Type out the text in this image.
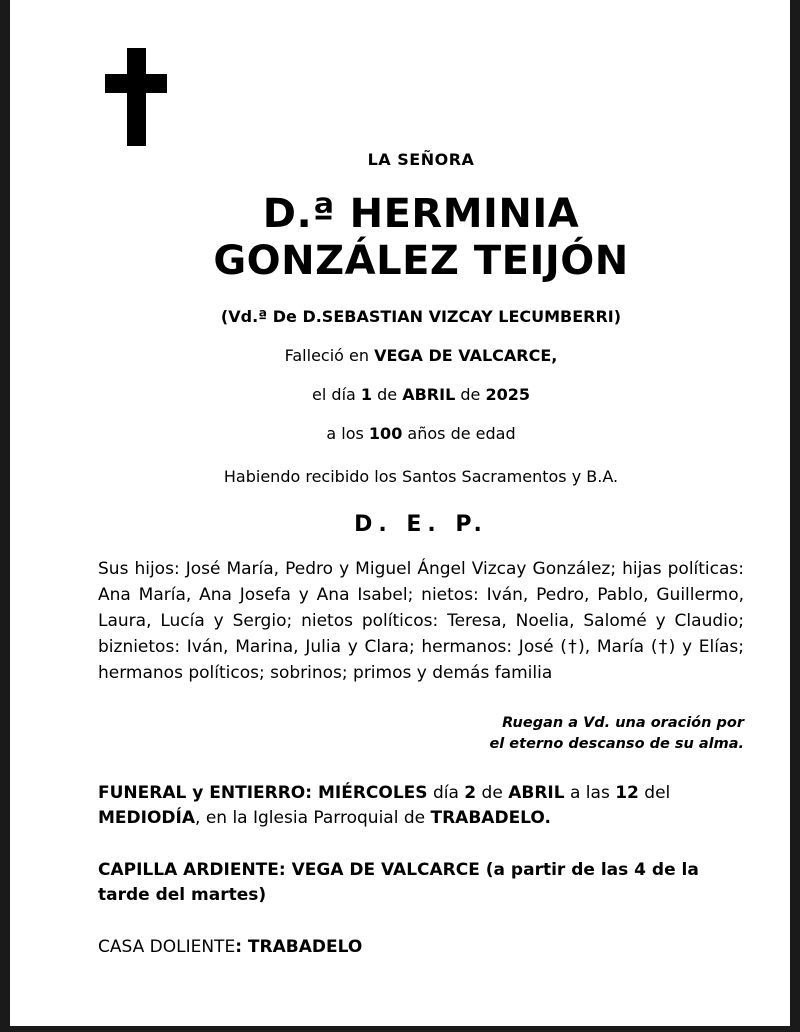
LA SEÑORA
D.ª HERMINIA
GONZÁLEZ TEIJÓN
(Vd.ª De D.SEBASTIAN VIZCAY LECUMBERRI)
Falleció en VEGA DE VALCARCE,
el día 1 de ABRIL de 2025
a los 100 años de edad
Habiendo recibido los Santos Sacramentos y B.A.
D. E. P.
Sus hijos: José María, Pedro y Miguel Ángel Vizcay González; hijas políticas: Ana María, Ana Josefa y Ana Isabel; nietos: Iván, Pedro, Pablo, Guillermo, Laura, Lucía y Sergio; nietos políticos: Teresa, Noelia, Salomé y Claudio; biznietos: Iván, Marina, Julia y Clara; hermanos: José (†), María (†) y Elías; hermanos políticos; sobrinos; primos y demás familia
Ruegan a Vd. una oración por
el eterno descanso de su alma.
FUNERAL y ENTIERRO: MIÉRCOLES día 2 de ABRIL a las 12 del MEDIODÍA, en la Iglesia Parroquial de TRABADELO.
CAPILLA ARDIENTE: VEGA DE VALCARCE (a partir de las 4 de la tarde del martes)
CASA DOLIENTE: TRABADELO
